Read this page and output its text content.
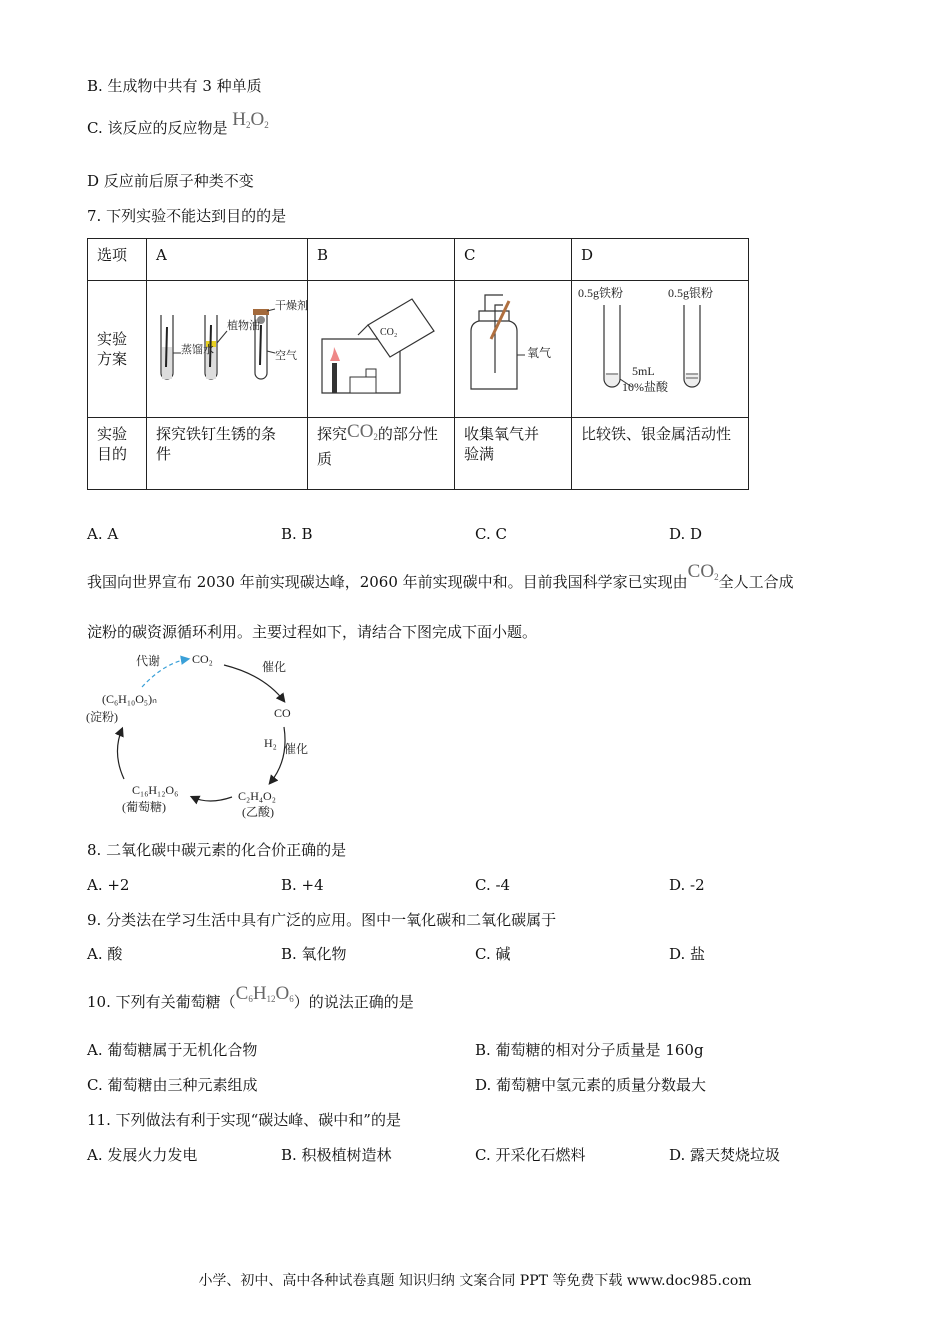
B. 生成物中共有 3 种单质
C. 该反应的反应物是 $H_2O_2$
D 反应前后原子种类不变
7. 下列实验不能达到目的的是
选项	A	B	C	D

实验方案	蒸馏水 植物油 干燥剂 空气	CO₂	氧气	0.5g铁粉 0.5g银粉 5mL 10%盐酸

实验目的	探究铁钉生锈的条件	探究$CO_2$的部分性质	收集氧气并验满	比较铁、银金属活动性
A. A	B. B	C. C	D. D
我国向世界宣布 2030 年前实现碳达峰，2060 年前实现碳中和。目前我国科学家已实现由$CO_2$全人工合成
淀粉的碳资源循环利用。主要过程如下，请结合下图完成下面小题。
CO₂ 催化 CO H₂ 催化 C₂H₄O₂ (乙酸) C₁₆H₁₂O₆ (葡萄糖) (C₆H₁₀O₅)ₙ (淀粉) 代谢
8. 二氧化碳中碳元素的化合价正确的是
A. +2	B. +4	C. -4	D. -2
9. 分类法在学习生活中具有广泛的应用。图中一氧化碳和二氧化碳属于
A. 酸	B. 氧化物	C. 碱	D. 盐
10. 下列有关葡萄糖$(C_6H_{12}O_6)$的说法正确的是
A. 葡萄糖属于无机化合物	B. 葡萄糖的相对分子质量是 160g
C. 葡萄糖由三种元素组成	D. 葡萄糖中氢元素的质量分数最大
11. 下列做法有利于实现“碳达峰、碳中和”的是
A. 发展火力发电	B. 积极植树造林	C. 开采化石燃料	D. 露天焚烧垃圾
小学、初中、高中各种试卷真题 知识归纳 文案合同 PPT 等免费下载 www.doc985.com
